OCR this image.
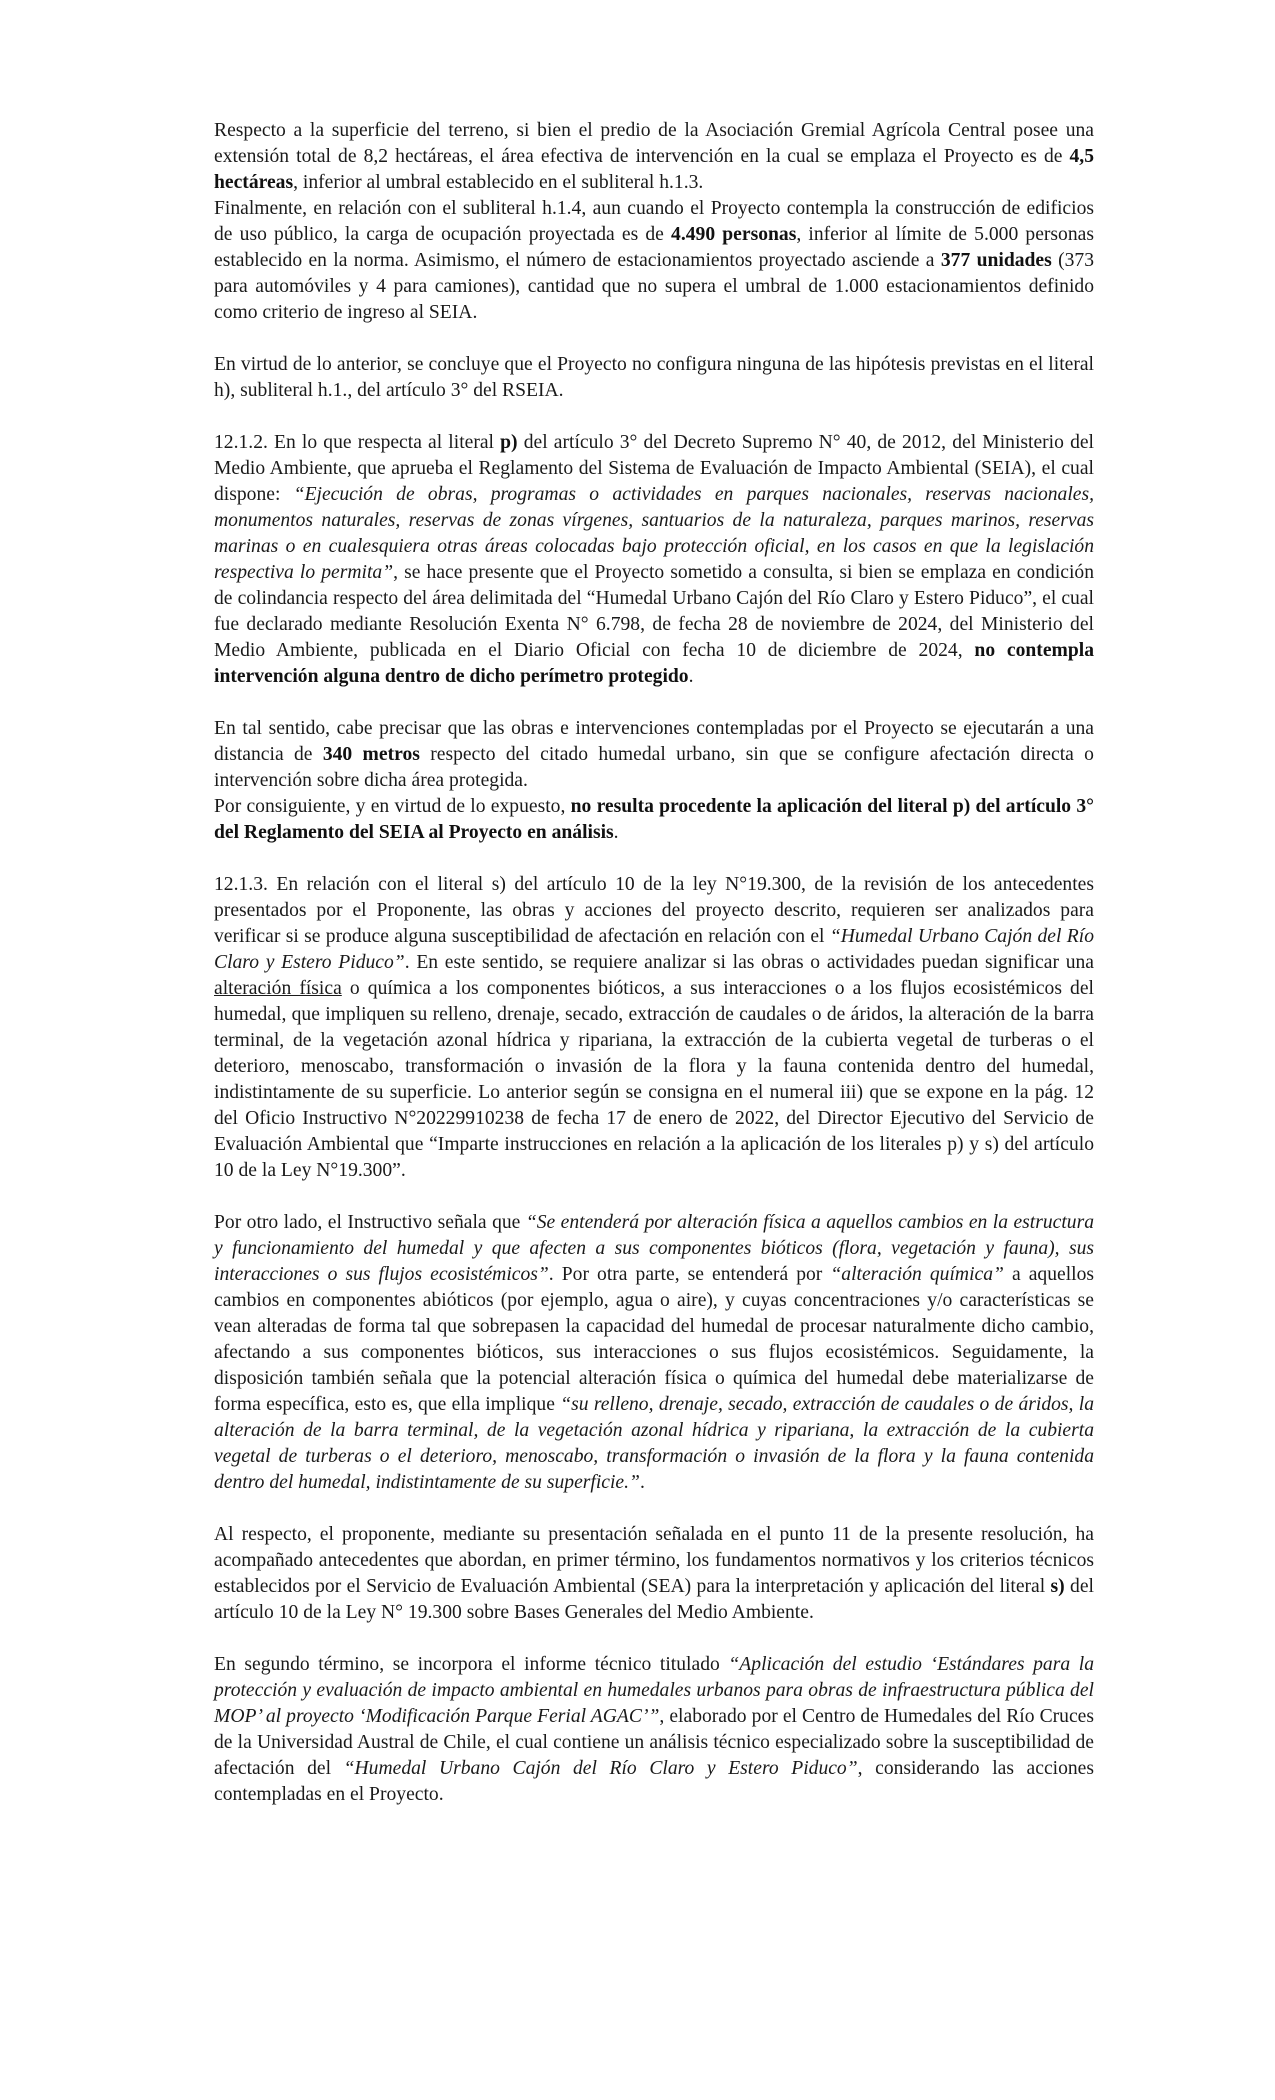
Respecto a la superficie del terreno, si bien el predio de la Asociación Gremial Agrícola Central posee una extensión total de 8,2 hectáreas, el área efectiva de intervención en la cual se emplaza el Proyecto es de 4,5 hectáreas, inferior al umbral establecido en el subliteral h.1.3.

Finalmente, en relación con el subliteral h.1.4, aun cuando el Proyecto contempla la construcción de edificios de uso público, la carga de ocupación proyectada es de 4.490 personas, inferior al límite de 5.000 personas establecido en la norma. Asimismo, el número de estacionamientos proyectado asciende a 377 unidades (373 para automóviles y 4 para camiones), cantidad que no supera el umbral de 1.000 estacionamientos definido como criterio de ingreso al SEIA.

En virtud de lo anterior, se concluye que el Proyecto no configura ninguna de las hipótesis previstas en el literal h), subliteral h.1., del artículo 3° del RSEIA.

12.1.2. En lo que respecta al literal p) del artículo 3° del Decreto Supremo N° 40, de 2012, del Ministerio del Medio Ambiente, que aprueba el Reglamento del Sistema de Evaluación de Impacto Ambiental (SEIA), el cual dispone: “Ejecución de obras, programas o actividades en parques nacionales, reservas nacionales, monumentos naturales, reservas de zonas vírgenes, santuarios de la naturaleza, parques marinos, reservas marinas o en cualesquiera otras áreas colocadas bajo protección oficial, en los casos en que la legislación respectiva lo permita”, se hace presente que el Proyecto sometido a consulta, si bien se emplaza en condición de colindancia respecto del área delimitada del “Humedal Urbano Cajón del Río Claro y Estero Piduco”, el cual fue declarado mediante Resolución Exenta N° 6.798, de fecha 28 de noviembre de 2024, del Ministerio del Medio Ambiente, publicada en el Diario Oficial con fecha 10 de diciembre de 2024, no contempla intervención alguna dentro de dicho perímetro protegido.

En tal sentido, cabe precisar que las obras e intervenciones contempladas por el Proyecto se ejecutarán a una distancia de 340 metros respecto del citado humedal urbano, sin que se configure afectación directa o intervención sobre dicha área protegida.

Por consiguiente, y en virtud de lo expuesto, no resulta procedente la aplicación del literal p) del artículo 3° del Reglamento del SEIA al Proyecto en análisis.

12.1.3. En relación con el literal s) del artículo 10 de la ley N°19.300, de la revisión de los antecedentes presentados por el Proponente, las obras y acciones del proyecto descrito, requieren ser analizados para verificar si se produce alguna susceptibilidad de afectación en relación con el “Humedal Urbano Cajón del Río Claro y Estero Piduco”. En este sentido, se requiere analizar si las obras o actividades puedan significar una alteración física o química a los componentes bióticos, a sus interacciones o a los flujos ecosistémicos del humedal, que impliquen su relleno, drenaje, secado, extracción de caudales o de áridos, la alteración de la barra terminal, de la vegetación azonal hídrica y ripariana, la extracción de la cubierta vegetal de turberas o el deterioro, menoscabo, transformación o invasión de la flora y la fauna contenida dentro del humedal, indistintamente de su superficie. Lo anterior según se consigna en el numeral iii) que se expone en la pág. 12 del Oficio Instructivo N°20229910238 de fecha 17 de enero de 2022, del Director Ejecutivo del Servicio de Evaluación Ambiental que “Imparte instrucciones en relación a la aplicación de los literales p) y s) del artículo 10 de la Ley N°19.300”.

Por otro lado, el Instructivo señala que “Se entenderá por alteración física a aquellos cambios en la estructura y funcionamiento del humedal y que afecten a sus componentes bióticos (flora, vegetación y fauna), sus interacciones o sus flujos ecosistémicos”. Por otra parte, se entenderá por “alteración química” a aquellos cambios en componentes abióticos (por ejemplo, agua o aire), y cuyas concentraciones y/o características se vean alteradas de forma tal que sobrepasen la capacidad del humedal de procesar naturalmente dicho cambio, afectando a sus componentes bióticos, sus interacciones o sus flujos ecosistémicos. Seguidamente, la disposición también señala que la potencial alteración física o química del humedal debe materializarse de forma específica, esto es, que ella implique “su relleno, drenaje, secado, extracción de caudales o de áridos, la alteración de la barra terminal, de la vegetación azonal hídrica y ripariana, la extracción de la cubierta vegetal de turberas o el deterioro, menoscabo, transformación o invasión de la flora y la fauna contenida dentro del humedal, indistintamente de su superficie.”.

Al respecto, el proponente, mediante su presentación señalada en el punto 11 de la presente resolución, ha acompañado antecedentes que abordan, en primer término, los fundamentos normativos y los criterios técnicos establecidos por el Servicio de Evaluación Ambiental (SEA) para la interpretación y aplicación del literal s) del artículo 10 de la Ley N° 19.300 sobre Bases Generales del Medio Ambiente.

En segundo término, se incorpora el informe técnico titulado “Aplicación del estudio ‘Estándares para la protección y evaluación de impacto ambiental en humedales urbanos para obras de infraestructura pública del MOP’ al proyecto ‘Modificación Parque Ferial AGAC’”, elaborado por el Centro de Humedales del Río Cruces de la Universidad Austral de Chile, el cual contiene un análisis técnico especializado sobre la susceptibilidad de afectación del “Humedal Urbano Cajón del Río Claro y Estero Piduco”, considerando las acciones contempladas en el Proyecto.
